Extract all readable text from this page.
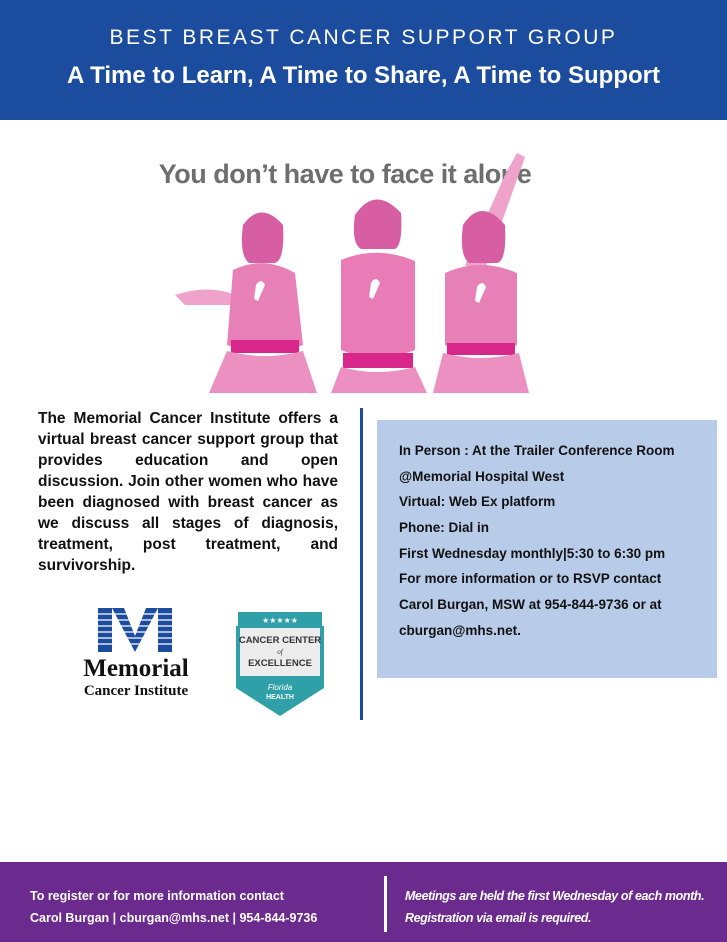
BEST BREAST CANCER SUPPORT GROUP
A Time to Learn, A Time to Share, A Time to Support
You don’t have to face it alone
The Memorial Cancer Institute offers a virtual breast cancer support group that provides education and open discussion. Join other women who have been diagnosed with breast cancer as we discuss all stages of diagnosis, treatment, post treatment, and survivorship.
In Person : At the Trailer Conference Room
@Memorial Hospital West
Virtual: Web Ex platform
Phone: Dial in
First Wednesday monthly|5:30 to 6:30 pm
For more information or to RSVP contact
Carol Burgan, MSW at 954-844-9736 or at
cburgan@mhs.net.
Memorial
Cancer Institute
★★★★★
CANCER CENTER
of
EXCELLENCE
Florida
HEALTH
To register or for more information contact
Carol Burgan | cburgan@mhs.net | 954-844-9736
Meetings are held the first Wednesday of each month.
Registration via email is required.
